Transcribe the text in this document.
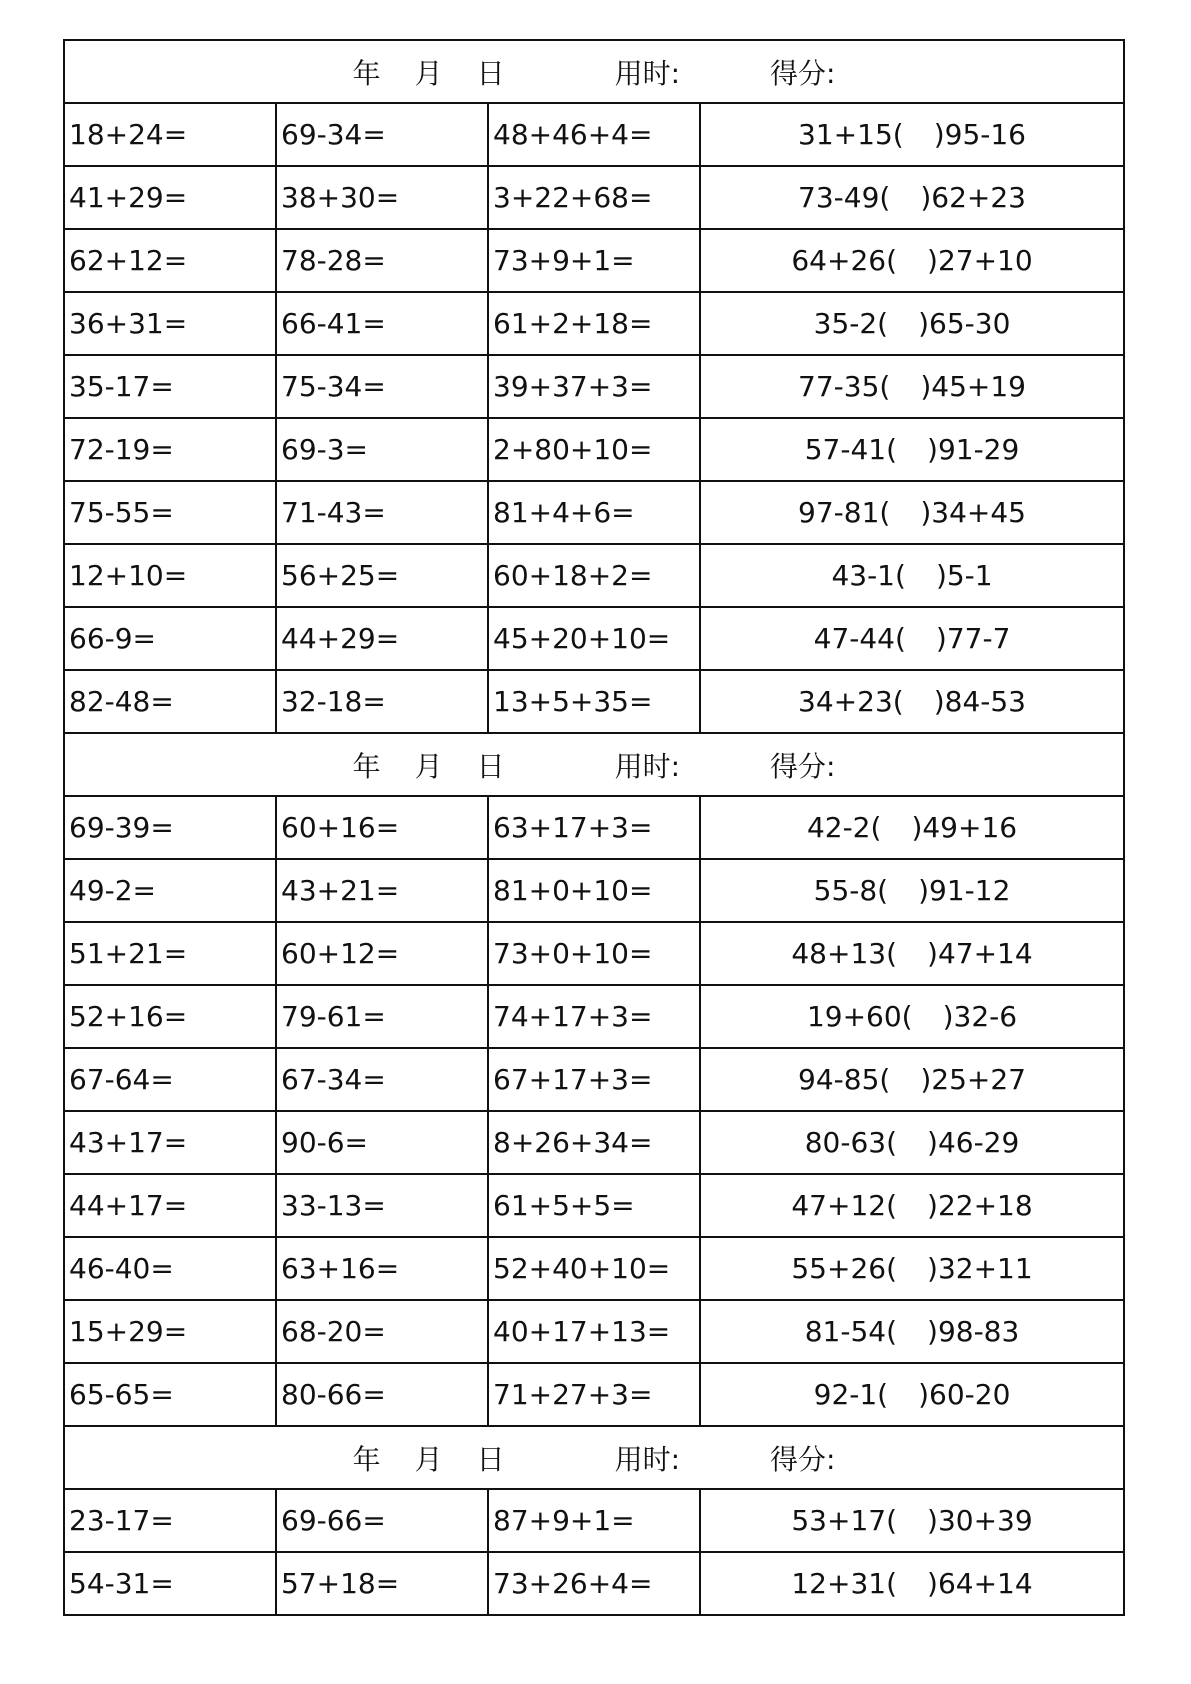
年 月 日 用时: 得分:			
18+24=	69-34=	48+46+4=	31+15( )95-16
41+29=	38+30=	3+22+68=	73-49( )62+23
62+12=	78-28=	73+9+1=	64+26( )27+10
36+31=	66-41=	61+2+18=	35-2( )65-30
35-17=	75-34=	39+37+3=	77-35( )45+19
72-19=	69-3=	2+80+10=	57-41( )91-29
75-55=	71-43=	81+4+6=	97-81( )34+45
12+10=	56+25=	60+18+2=	43-1( )5-1
66-9=	44+29=	45+20+10=	47-44( )77-7
82-48=	32-18=	13+5+35=	34+23( )84-53
年 月 日 用时: 得分:			
69-39=	60+16=	63+17+3=	42-2( )49+16
49-2=	43+21=	81+0+10=	55-8( )91-12
51+21=	60+12=	73+0+10=	48+13( )47+14
52+16=	79-61=	74+17+3=	19+60( )32-6
67-64=	67-34=	67+17+3=	94-85( )25+27
43+17=	90-6=	8+26+34=	80-63( )46-29
44+17=	33-13=	61+5+5=	47+12( )22+18
46-40=	63+16=	52+40+10=	55+26( )32+11
15+29=	68-20=	40+17+13=	81-54( )98-83
65-65=	80-66=	71+27+3=	92-1( )60-20
年 月 日 用时: 得分:			
23-17=	69-66=	87+9+1=	53+17( )30+39
54-31=	57+18=	73+26+4=	12+31( )64+14
